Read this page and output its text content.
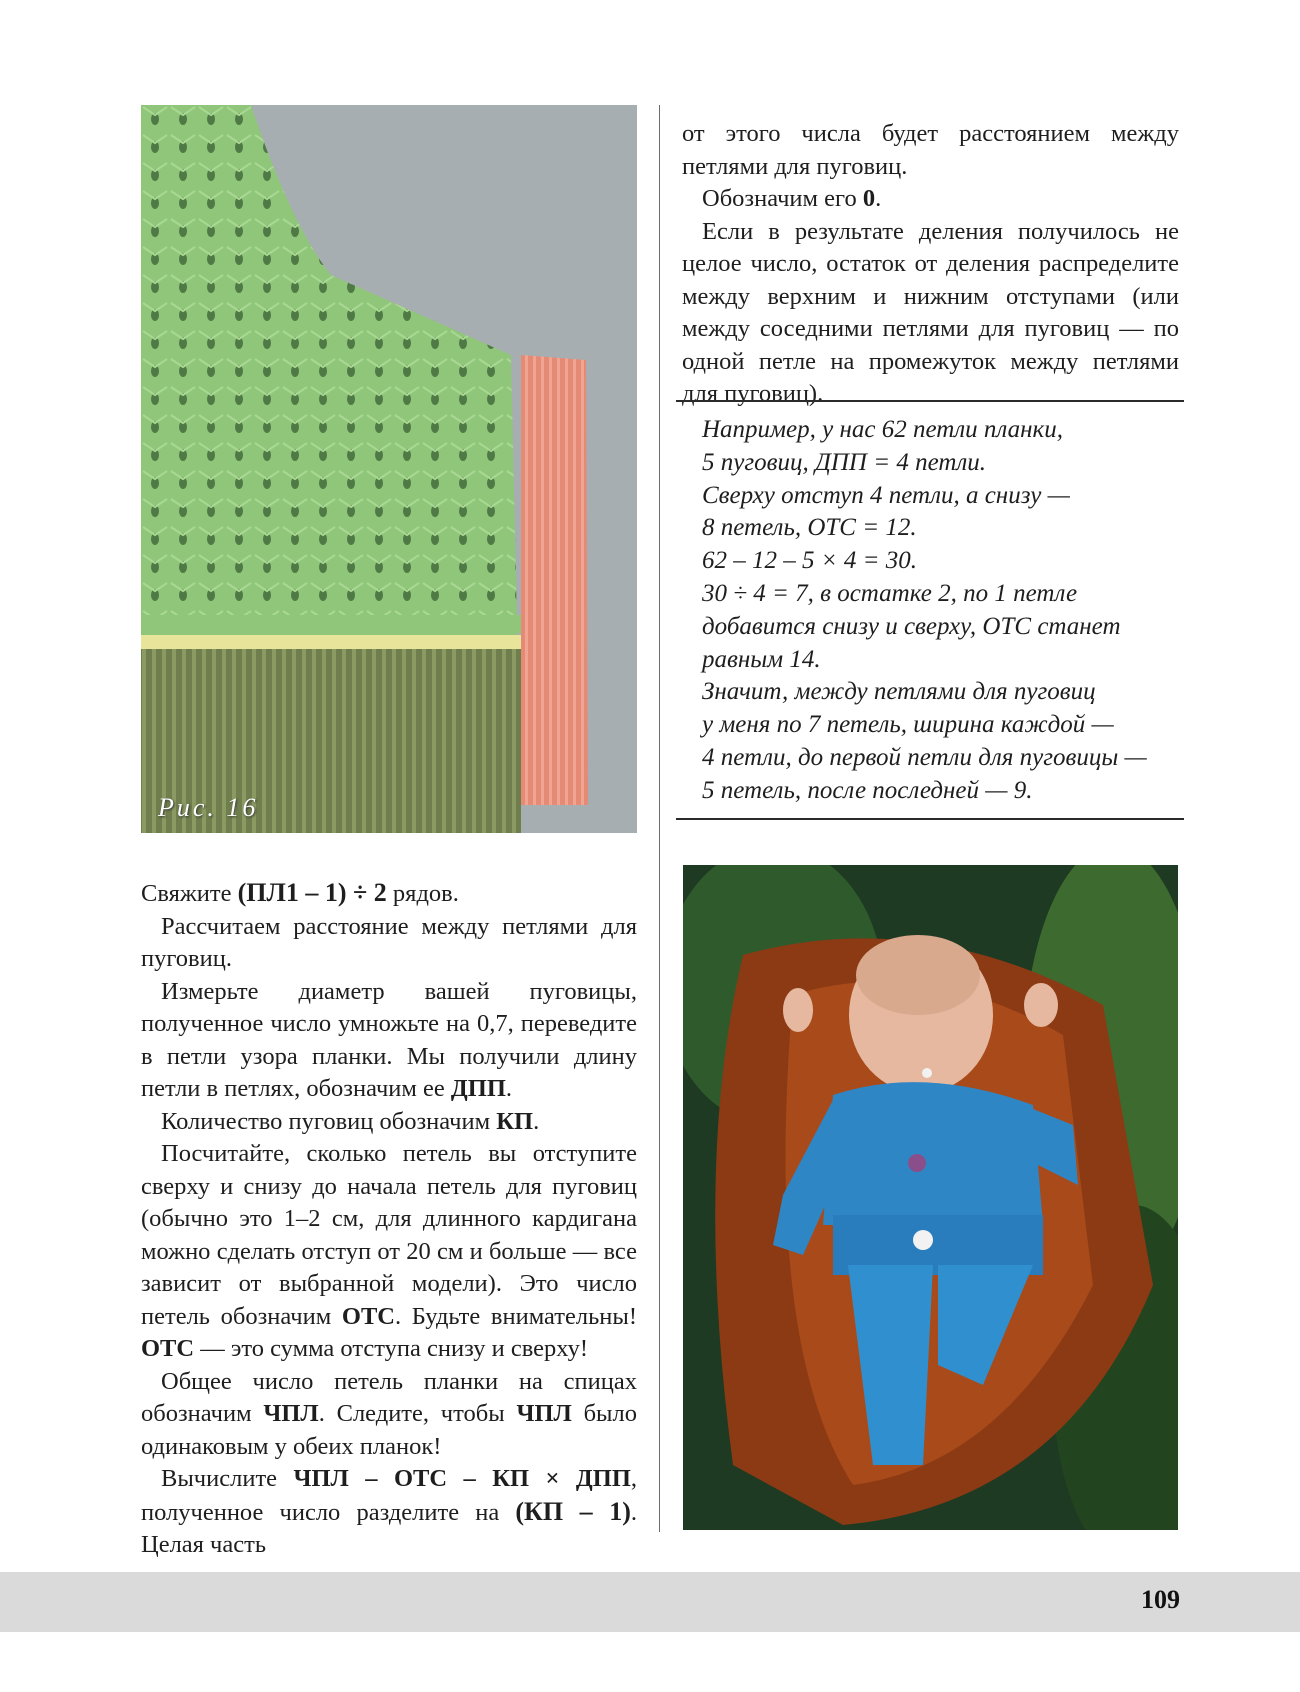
Рис. 16

от этого числа будет расстоянием между петлями для пуговиц.

Обозначим его 0.

Если в результате деления получилось не целое число, остаток от деления распределите между верхним и нижним отступами (или между соседними петлями для пуговиц — по одной петле на промежуток между петлями для пуговиц).

Например, у нас 62 петли планки,
5 пуговиц, ДПП = 4 петли.
Сверху отступ 4 петли, а снизу —
8 петель, ОТС = 12.
62 – 12 – 5 × 4 = 30.
30 ÷ 4 = 7, в остатке 2, по 1 петле
добавится снизу и сверху, ОТС станет
равным 14.
Значит, между петлями для пуговиц
у меня по 7 петель, ширина каждой —
4 петли, до первой петли для пуговицы —
5 петель, после последней — 9.

Свяжите (ПЛ1 – 1) ÷ 2 рядов.

Рассчитаем расстояние между петлями для пуговиц.

Измерьте диаметр вашей пуговицы, полученное число умножьте на 0,7, переведите в петли узора планки. Мы получили длину петли в петлях, обозначим ее ДПП.

Количество пуговиц обозначим КП.

Посчитайте, сколько петель вы отступите сверху и снизу до начала петель для пуговиц (обычно это 1–2 см, для длинного кардигана можно сделать отступ от 20 см и больше — все зависит от выбранной модели). Это число петель обозначим ОТС. Будьте внимательны! ОТС — это сумма отступа снизу и сверху!

Общее число петель планки на спицах обозначим ЧПЛ. Следите, чтобы ЧПЛ было одинаковым у обеих планок!

Вычислите ЧПЛ – ОТС – КП × ДПП, полученное число разделите на (КП – 1). Целая часть

109
